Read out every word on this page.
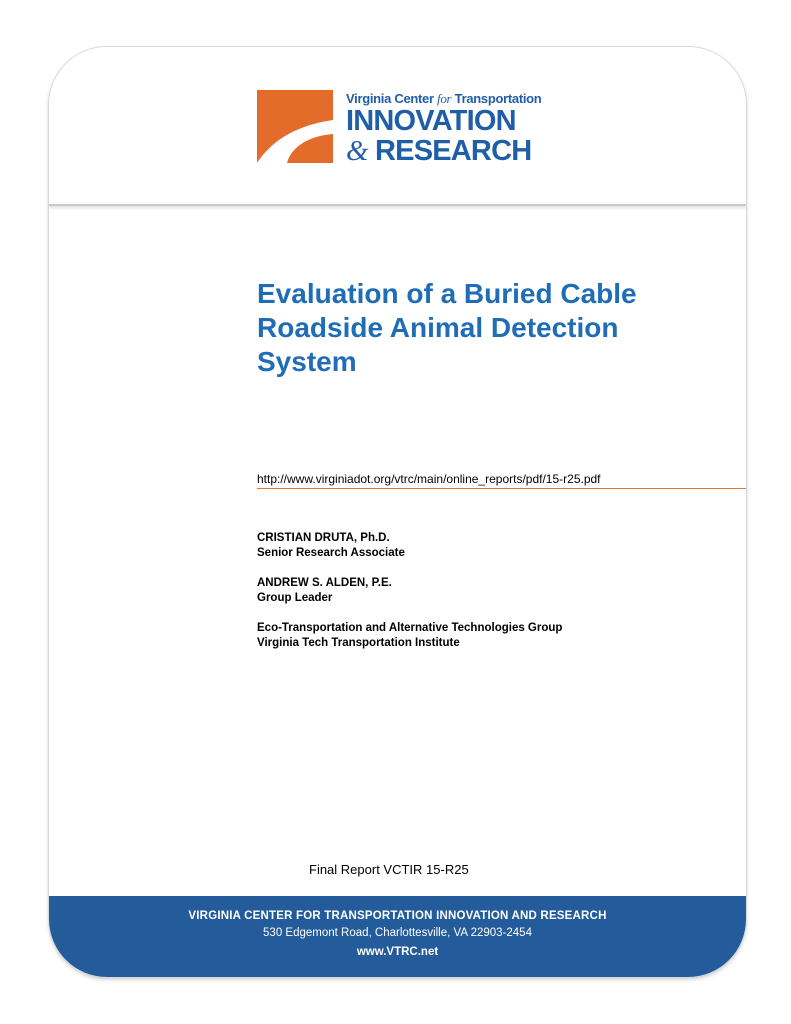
Virginia Center for Transportation
INNOVATION
& RESEARCH
VIRGINIA CENTER FOR TRANSPORTATION INNOVATION AND RESEARCH
530 Edgemont Road, Charlottesville, VA 22903-2454
www.VTRC.net
Evaluation of a Buried Cable
Roadside Animal Detection
System
http://www.virginiadot.org/vtrc/main/online_reports/pdf/15-r25.pdf
CRISTIAN DRUTA, Ph.D.
Senior Research Associate
ANDREW S. ALDEN, P.E.
Group Leader
Eco-Transportation and Alternative Technologies Group
Virginia Tech Transportation Institute
Final Report VCTIR 15-R25
